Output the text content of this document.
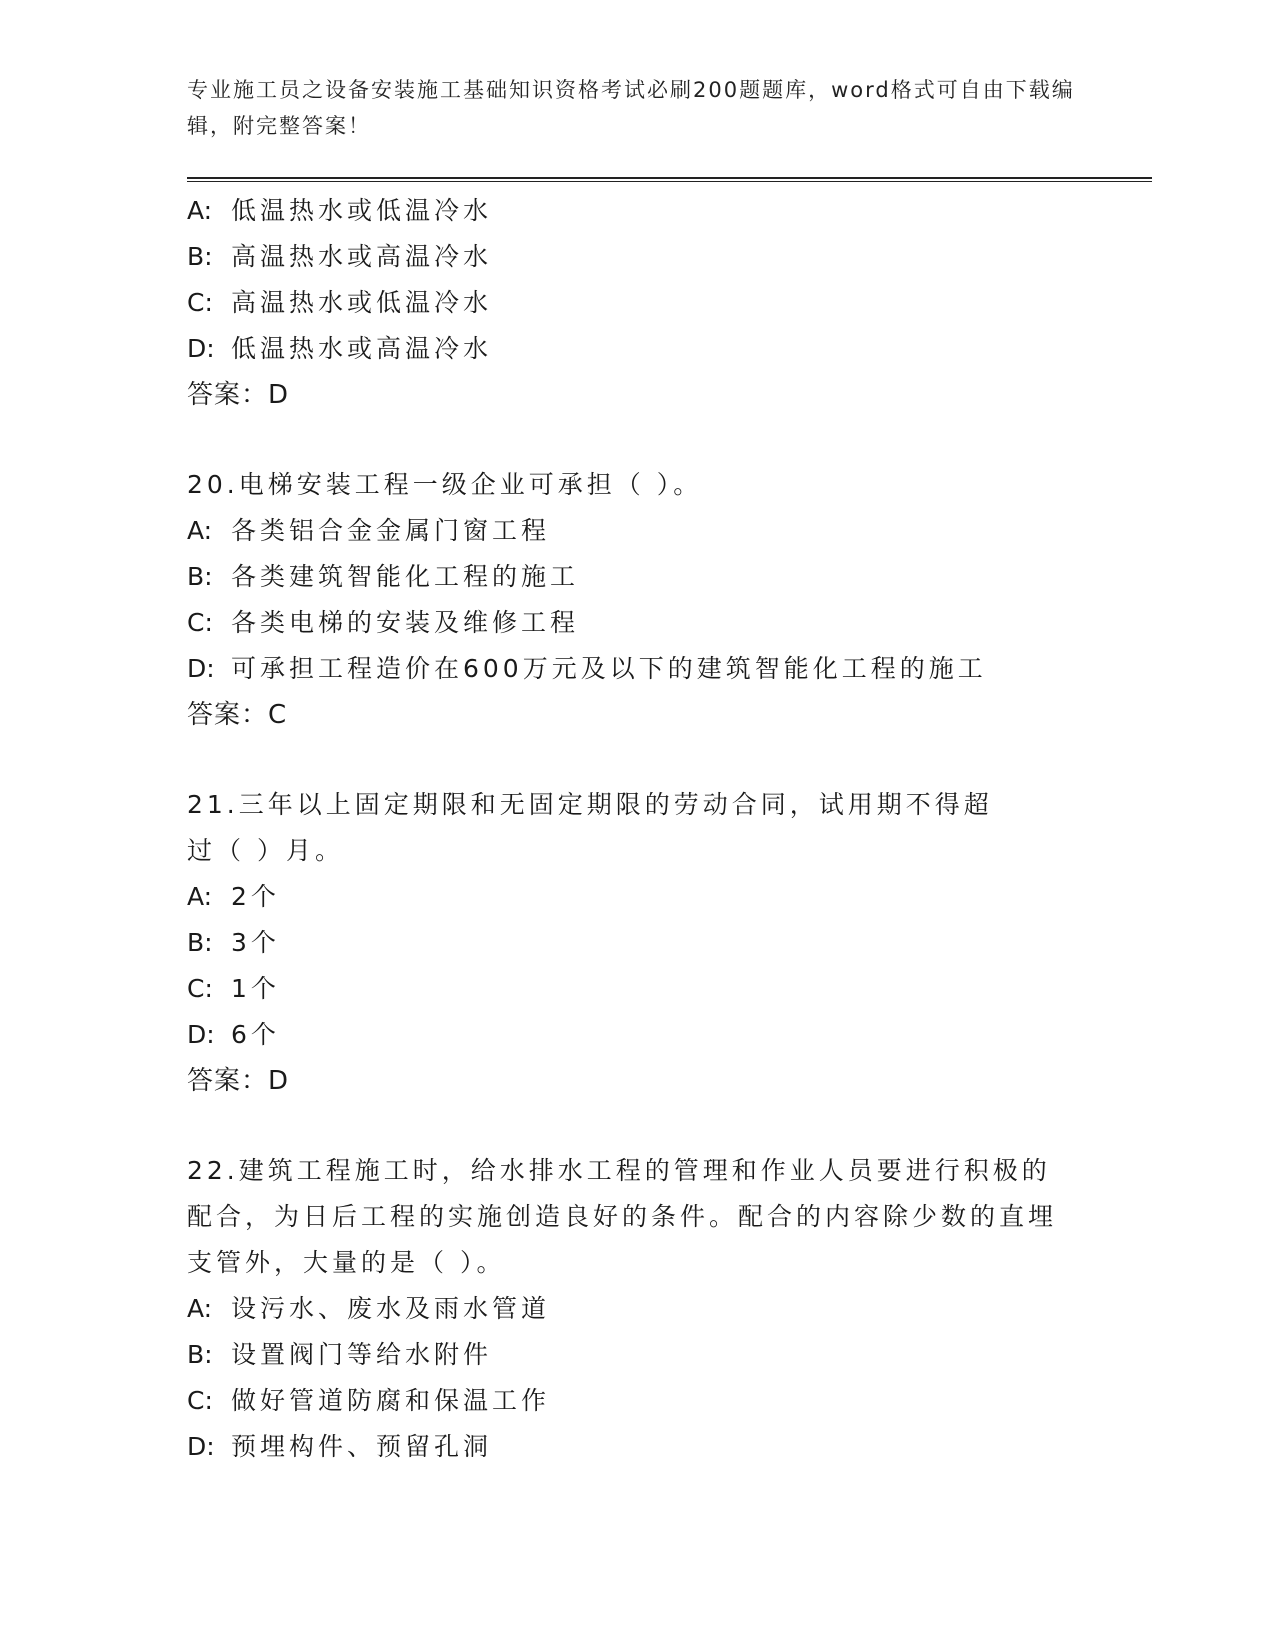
专业施工员之设备安装施工基础知识资格考试必刷200题题库，word格式可自由下载编辑，附完整答案！
A: 低温热水或低温冷水
B: 高温热水或高温冷水
C: 高温热水或低温冷水
D: 低温热水或高温冷水
答案：D
20.电梯安装工程一级企业可承担（ ）。
A: 各类铝合金金属门窗工程
B: 各类建筑智能化工程的施工
C: 各类电梯的安装及维修工程
D: 可承担工程造价在600万元及以下的建筑智能化工程的施工
答案：C
21.三年以上固定期限和无固定期限的劳动合同，试用期不得超过（ ）月。
A: 2个
B: 3个
C: 1个
D: 6个
答案：D
22.建筑工程施工时，给水排水工程的管理和作业人员要进行积极的配合，为日后工程的实施创造良好的条件。配合的内容除少数的直埋支管外，大量的是（ ）。
A: 设污水、废水及雨水管道
B: 设置阀门等给水附件
C: 做好管道防腐和保温工作
D: 预埋构件、预留孔洞
